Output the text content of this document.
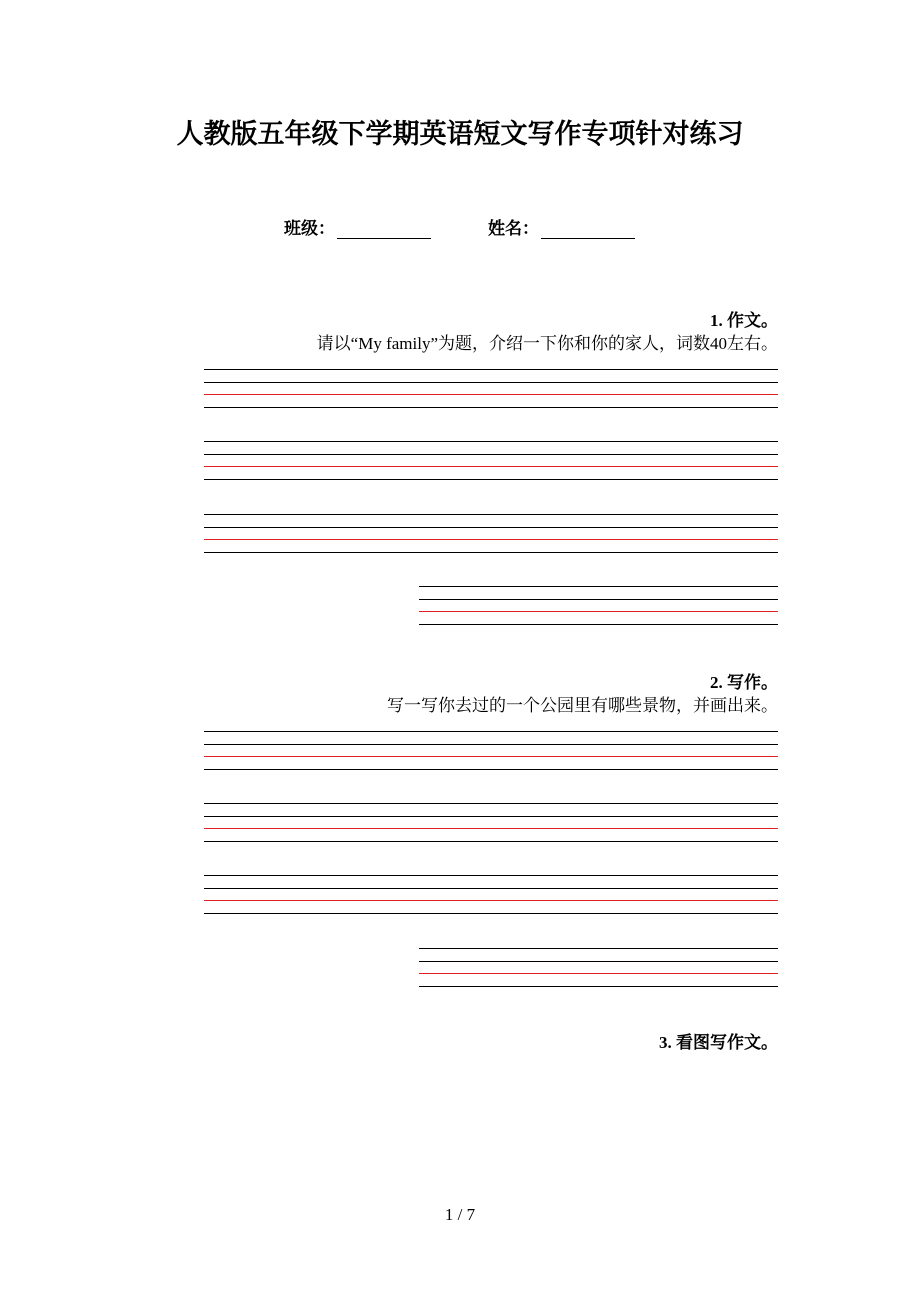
人教版五年级下学期英语短文写作专项针对练习
班级：	姓名：
1. 作文。
请以“My family”为题，介绍一下你和你的家人，词数40左右。
2. 写作。
写一写你去过的一个公园里有哪些景物，并画出来。
3. 看图写作文。
1 / 7
